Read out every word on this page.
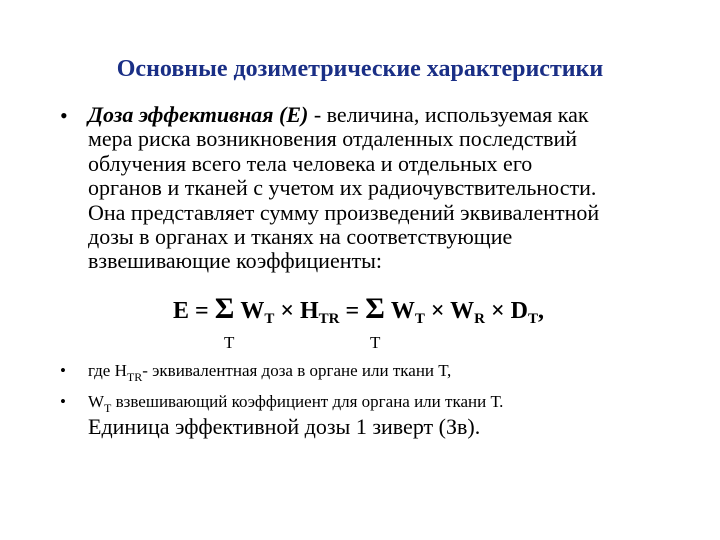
Основные дозиметрические характеристики
• Доза эффективная (Е) - величина, используемая как
мера риска возникновения отдаленных последствий
облучения всего тела человека и отдельных его
органов и тканей с учетом их радиочувствительности.
Она представляет сумму произведений эквивалентной
дозы в органах и тканях на соответствующие
взвешивающие коэффициенты:
E = Σ $W_T \times H_{TR} = \Sigma$ $W_T \times W_R \times D_T$,
T	T
• где $H_{TR}-$ эквивалентная доза в органе или ткани Т,
• $W_T$ взвешивающий коэффициент для органа или ткани Т.
Единица эффективной дозы 1 зиверт (Зв).
